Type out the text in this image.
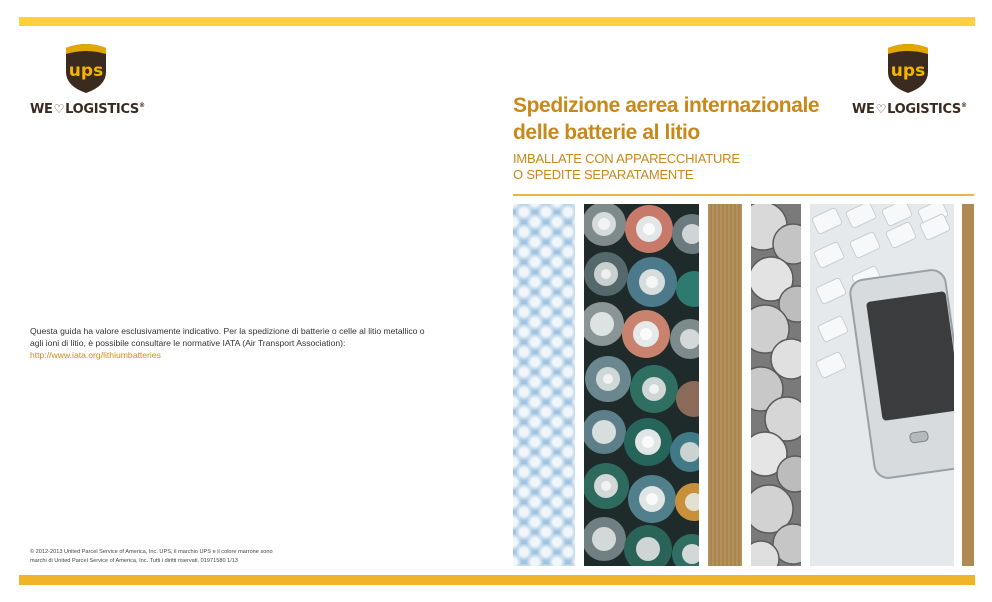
ups
WE♡LOGISTICS®
ups
WE♡LOGISTICS®
Spedizione aerea internazionale
delle batterie al litio
IMBALLATE CON APPARECCHIATURE
O SPEDITE SEPARATAMENTE
Questa guida ha valore esclusivamente indicativo. Per la spedizione di batterie o celle al litio metallico o agli ioni di litio, è possibile consultare le normative IATA (Air Transport Association):
http://www.iata.org/lithiumbatteries
© 2012-2013 United Parcel Service of America, Inc. UPS, il marchio UPS e il colore marrone sono
marchi di United Parcel Service of America, Inc. Tutti i diritti riservati. 01971580 1/13
